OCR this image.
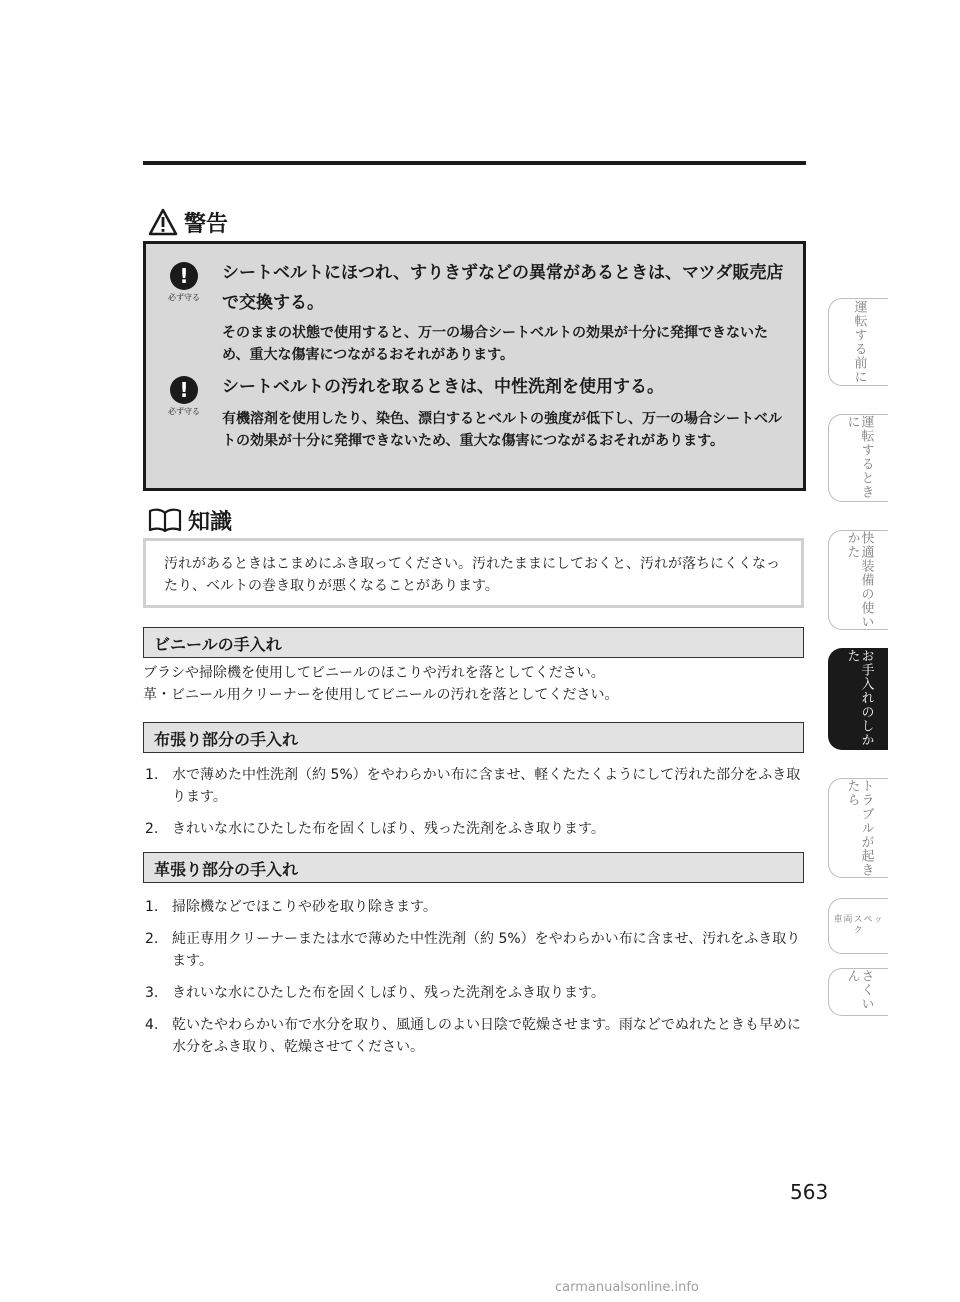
警告
!
必ず守る
シートベルトにほつれ、すりきずなどの異常があるときは、マツダ販売店で交換する。
そのままの状態で使用すると、万一の場合シートベルトの効果が十分に発揮できないため、重大な傷害につながるおそれがあります。
!
必ず守る
シートベルトの汚れを取るときは、中性洗剤を使用する。
有機溶剤を使用したり、染色、漂白するとベルトの強度が低下し、万一の場合シートベルトの効果が十分に発揮できないため、重大な傷害につながるおそれがあります。
知識

汚れがあるときはこまめにふき取ってください。汚れたままにしておくと、汚れが落ちにくくなったり、ベルトの巻き取りが悪くなることがあります。

ビニールの手入れ
ブラシや掃除機を使用してビニールのほこりや汚れを落としてください。
革・ビニール用クリーナーを使用してビニールの汚れを落としてください。
布張り部分の手入れ
1. 水で薄めた中性洗剤（約 5%）をやわらかい布に含ませ、軽くたたくようにして汚れた部分をふき取ります。
2. きれいな水にひたした布を固くしぼり、残った洗剤をふき取ります。
革張り部分の手入れ
1. 掃除機などでほこりや砂を取り除きます。
2. 純正専用クリーナーまたは水で薄めた中性洗剤（約 5%）をやわらかい布に含ませ、汚れをふき取ります。
3. きれいな水にひたした布を固くしぼり、残った洗剤をふき取ります。
4. 乾いたやわらかい布で水分を取り、風通しのよい日陰で乾燥させます。雨などでぬれたときも早めに水分をふき取り、乾燥させてください。
運転する前に
運転するときに
快適装備の使いかた
お手入れのしかた
トラブルが起きたら
車両スペック
さくいん
563
carmanualsonline.info
